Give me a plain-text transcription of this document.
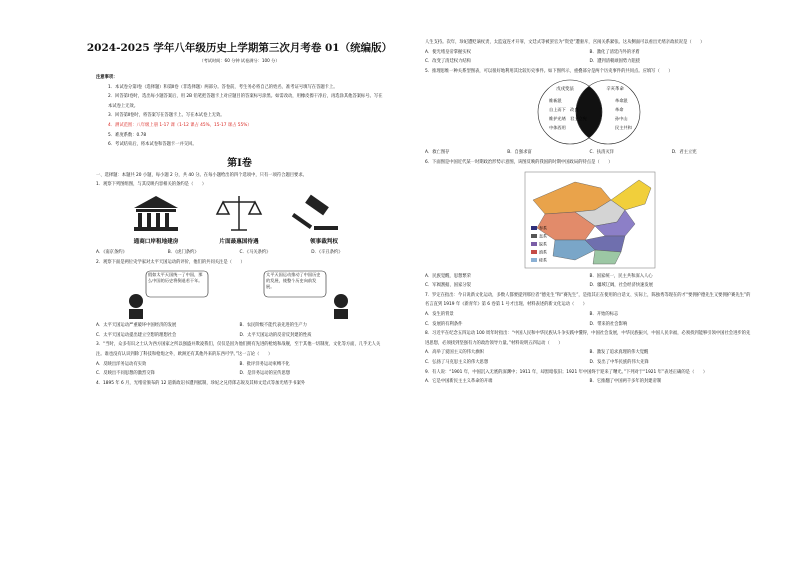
2024-2025 学年八年级历史上学期第三次月考卷 01（统编版）
（考试时间：60 分钟 试卷满分：100 分）
注意事项：
1．本试卷分第Ⅰ卷（选择题）和第Ⅱ卷（非选择题）两部分。答卷前，考生务必将自己的姓名、准考证号填写在答题卡上。
2．回答第Ⅰ卷时，选出每小题答案后，用 2B 铅笔把答题卡上对应题目的答案标号涂黑。如需改动，用橡皮擦干净后，再选涂其他答案标号。写在本试卷上无效。
3．回答第Ⅱ卷时，将答案写在答题卡上。写在本试卷上无效。
4．测试范围：八年级上册 1-17 课（1-12 课占 45%，15-17 课占 55%）
5．难度系数：0.78
6．考试结束后，将本试卷和答题卡一并交回。
第Ⅰ卷
一、选择题：本题共 20 小题，每小题 2 分，共 40 分。在每小题给出的四个选项中，只有一项符合题目要求。
1．观察下列图组图，与其反映内容相关的条约是（　　）
通商口岸租地建房	片面最惠国待遇	领事裁判权
A．《南京条约》	B．《虎门条约》	C．《马关条约》	D．《辛丑条约》
2．观察下面是两位史学家对太平天国运动的评价，他们的共同关注是（　　）
假如太平天国统一了中国，那么中国的历史将倒退若干年。
太平天国运动推动了中国历史的发展，使整个历史向前发展。
A．太平天国运动严重破坏中国经济的发展	B．农民阶级不能代表先进的生产力
C．太平天国运动提出建立空想的理想社会	D．太平天国运动的反帝反封建的性质
3．“当时，众多有识之士认为西方国家之所以强盛并欺凌我们，仅仅是因为他们拥有先进的枪炮和战舰，至于其他一切制度、文化等方面，几乎无人关注。谁也没有认识到除了科技和枪炮之外，欧洲还有其他外来的东西可学。”这一言论（　　）
A．反映出洋务运动有实效	B．批评洋务运动束缚不化
C．反映出不同思想的激烈交锋	D．是洋务运动的宣传思想
4．1895 年 6 月，光绪帝颁布的 12 道新政诏书遭到抵制，珍妃之兄侍郎志锐及其师文廷式等加光绪手书案外
人生支持。次年，珍妃遭贬谪杖责，太监寇连才开罪，文廷式等被罢官为“资党”遭驱斥，宫闱关系紧张。这从侧面可以看出光绪亲政状况是（　　）
A．使光绪皇帝掌握实权	B．激化了清廷内外的矛盾
C．改变了清廷权力结构	D．遭到清朝顽固势力阻挠
5．推理思维一种关系型图表，可以很好地利用其比较历史事件。如下图所示，重叠部分是两个历史事件的共同点。应填写（　　）
戊戌变法	辛亥革命
维新派
自上而下
维护光绪
中体西用
改良
君主立宪
革命派
革命
孙中山
民主共和
A．救亡图存	B．自强求富	C．扶清灭洋	D．君主立宪
6．下面图是中国近代某一时期政治形势示意图，该图反映的我国的时期中国政局的特点是（　　）
奉系
直系
皖系
滇系
桂系
A．民族觉醒，思想繁荣	B．国家统一，民主共和深入人心
C．军阀割据，国家分裂	D．疆域辽阔，社会经济快速发展
7．罗定在指出：今日说新文化运动，多数人都要提到那位者“德先生”和“赛先生”，是指其正在使用的白话文、实际上，陈独秀等现在的才“要拥护德先生又要拥护赛先生”的名言直到 1919 年《新青年》第 6 卷第 1 号才出现。材料表述的新文化运动（　　）
A．发生的背景	B．开始的标志
C．发展的有利条件	D．带来的社会影响
8．习近平在纪念五四运动 100 周年时指出：“中国人民和中华民族从斗争实践中懂得，中国社会发展，中华民族振兴，中国人民幸福，必须找到能够引领中国社会进步的先进思想，必须找到坚强有力的政治领导力量。”材料说明五四运动（　　）
A．高举了爱国主义的伟大旗帜	B．激发了追求真理的伟大觉醒
C．弘扬了马克思主义的伟大思想	D．发出了中华民族的伟大先锋
9．有人说：“1901 年，中国沉入无底的深渊中；1911 年，却黑暗依旧；1921 年中国终于迎来了曙光。”下列对于“1921 年”表述正确的是（　　）
A．它是中国新民主主义革命的开端	B．它推翻了中国两千多年的封建帝制
